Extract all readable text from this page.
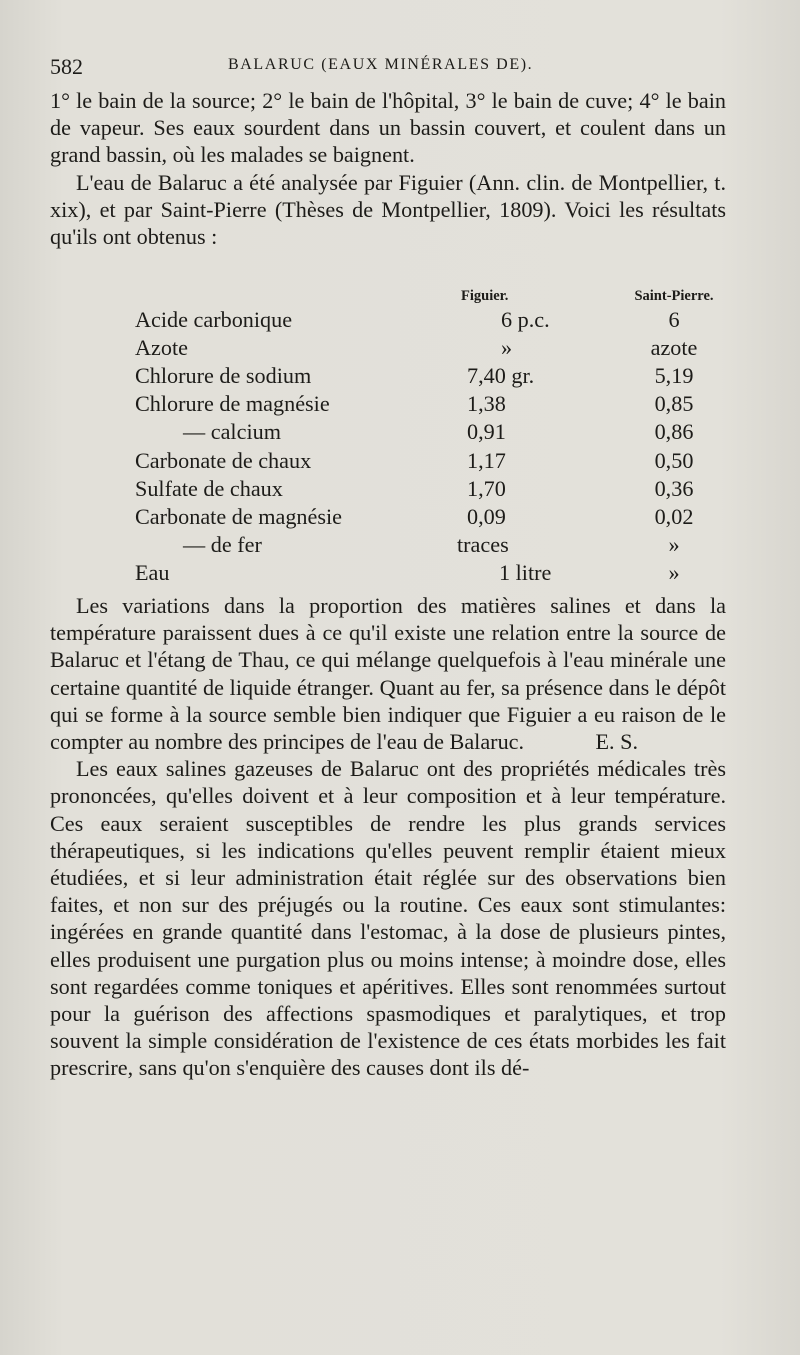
582	BALARUC (EAUX MINÉRALES DE).

1° le bain de la source; 2° le bain de l'hôpital, 3° le bain de cuve; 4° le bain de vapeur. Ses eaux sourdent dans un bassin couvert, et coulent dans un grand bassin, où les malades se baignent.

L'eau de Balaruc a été analysée par Figuier (Ann. clin. de Montpellier, t. xix), et par Saint-Pierre (Thèses de Montpellier, 1809). Voici les résultats qu'ils ont obtenus :

	Figuier.	Saint-Pierre.
Acide carbonique	6 p.c.	6
Azote	»	azote
Chlorure de sodium	7,40 gr.	5,19
Chlorure de magnésie	1,38	0,85
— calcium	0,91	0,86
Carbonate de chaux	1,17	0,50
Sulfate de chaux	1,70	0,36
Carbonate de magnésie	0,09	0,02
— de fer	traces	»
Eau	1 litre	»

Les variations dans la proportion des matières salines et dans la température paraissent dues à ce qu'il existe une relation entre la source de Balaruc et l'étang de Thau, ce qui mélange quelquefois à l'eau minérale une certaine quantité de liquide étranger. Quant au fer, sa présence dans le dépôt qui se forme à la source semble bien indiquer que Figuier a eu raison de le compter au nombre des principes de l'eau de Balaruc.	E. S.

Les eaux salines gazeuses de Balaruc ont des propriétés médicales très prononcées, qu'elles doivent et à leur composition et à leur température. Ces eaux seraient susceptibles de rendre les plus grands services thérapeutiques, si les indications qu'elles peuvent remplir étaient mieux étudiées, et si leur administration était réglée sur des observations bien faites, et non sur des préjugés ou la routine. Ces eaux sont stimulantes: ingérées en grande quantité dans l'estomac, à la dose de plusieurs pintes, elles produisent une purgation plus ou moins intense; à moindre dose, elles sont regardées comme toniques et apéritives. Elles sont renommées surtout pour la guérison des affections spasmodiques et paralytiques, et trop souvent la simple considération de l'existence de ces états morbides les fait prescrire, sans qu'on s'enquière des causes dont ils dé-
